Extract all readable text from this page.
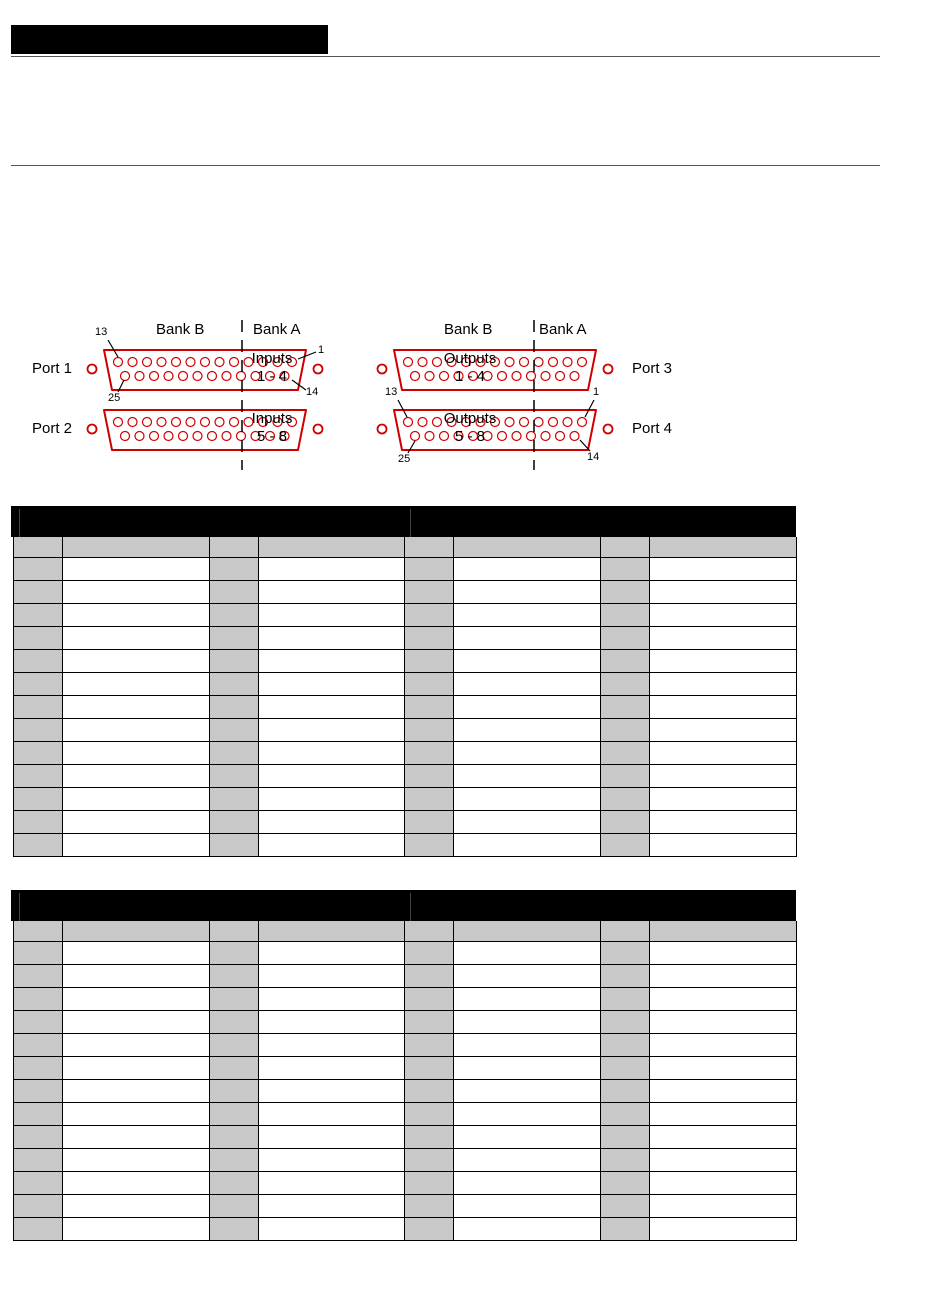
Bank B	Bank A
Port 1
Port 2
13
1
25	14
Inputs
1 - 4
Inputs
5 - 8
Bank B	Bank A
Port 3
Port 4
13	1
25	14
Outputs
1 - 4
Outputs
5 - 8
